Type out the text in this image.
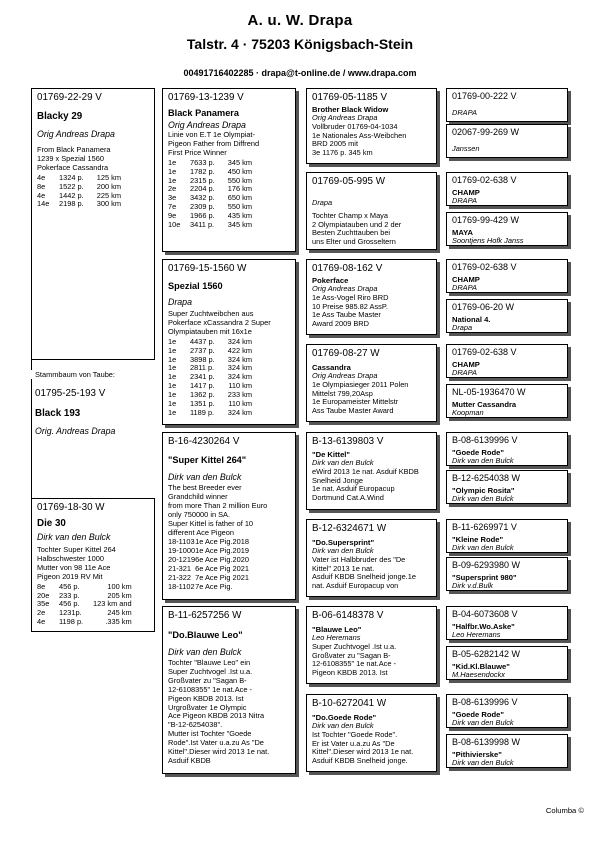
A. u. W. Drapa
Talstr. 4 · 75203 Königsbach-Stein
00491716402285 · drapa@t-online.de / www.drapa.com
01769-22-29 V
Blacky 29
Orig Andreas Drapa
From Black Panamera
1239 x Spezial 1560
Pokerface Cassandra
4e	1324 p.	125 km
8e	1522 p.	200 km
4e	1442 p.	225 km
14e	2198 p.	300 km
Stammbaum von Taube:
01795-25-193 V
Black 193
Orig. Andreas Drapa
01769-18-30 W
Die 30
Dirk van den Bulck
Tochter Super Kittel 264
Halbschwester 1000
Mutter von 98 11e Ace
Pigeon 2019 RV Mit
8e	456 p.	100 km
20e	233 p.	205 km
35e	456 p.	123 km and
2e	1231p.	245 km
4e	1198 p.	.335 km
01769-13-1239 V
Black Panamera
Orig Andreas Drapa
Linie von E.T 1e Olympiat-
Pigeon Father from Diffrend
First Price Winner
1e	7633 p.	345 km
1e	1782 p.	450 km
1e	2315 p.	550 km
2e	2204 p.	176 km
3e	3432 p.	650 km
7e	2309 p.	550 km
9e	1966 p.	435 km
10e	3411 p.	345 km
01769-15-1560 W
Spezial 1560
Drapa
Super Zuchtweibchen aus
Pokerface xCassandra 2 Super
Olympiatauben mit 16x1e
1e	4437 p.	324 km
1e	2737 p.	422 km
1e	3898 p.	324 km
1e	2811 p.	324 km
1e	2341 p.	324 km
1e	1417 p.	110 km
1e	1362 p.	233 km
1e	1351 p.	110 km
1e	1189 p.	324 km
B-16-4230264 V
"Super Kittel 264"
Dirk van den Bulck
The best Breeder ever
Grandchild winner
from more Than 2 million Euro
only 750000 in SA.
Super Kittel is father of 10
different Ace Pigeon
18-1103	1e Ace Pig.2018	
19-1000	1e Ace Pig.2019	
20-1219	6e Ace Pig.2020	
21-321	6e Ace Pig 2021	
21-322	7e Ace Pig 2021	
18-1102	7e Ace Pig.	
B-11-6257256 W
"Do.Blauwe Leo"
Dirk van den Bulck
Tochter "Blauwe Leo" ein
Super Zuchtvogel .Ist u.a.
Großvater zu "Sagan B-
12-6108355" 1e nat.Ace -
Pigeon KBDB 2013. Ist
Urgroßvater 1e Olympic
Ace Pigeon KBDB 2013 Nitra
"B-12-6254038".
Mutter ist Tochter "Goede
Rode".Ist Vater u.a.zu As "De
Kittel".Dieser wird 2013 1e nat.
Asduif KBDB
01769-05-1185 V
Brother Black Widow
Orig Andreas Drapa
Vollbruder 01769-04-1034
1e Nationales Ass-Weibchen
BRD 2005 mit
3e 1176 p. 345 km
01769-05-995 W
Drapa
Tochter Champ x Maya
2 Olympiatauben und 2 der
Besten Zuchttauben bei
uns Elter und Grosseltern
01769-08-162 V
Pokerface
Orig Andreas Drapa
1e Ass-Vogel Riro BRD
10 Preise 985.82 AssP.
1e Ass Taube Master
Award 2009 BRD
01769-08-27 W
Cassandra
Orig Andreas Drapa
1e Olympiasieger 2011 Polen
Mittelst 799,20Asp
1e Europameister Mittelstr
Ass Taube Master Award
B-13-6139803 V
"De Kittel"
Dirk van den Bulck
eWird 2013 1e nat. Asduif KBDB
Snelheid Jonge
1e nat. Asduif Europacup
Dortmund Cat.A.Wind
B-12-6324671 W
"Do.Supersprint"
Dirk van den Bulck
Vater ist Halbbruder des "De
Kittel" 2013 1e nat.
Asduif KBDB Snelheid jonge.1e
nat. Asduif Europacup von
B-06-6148378 V
"Blauwe Leo"
Leo Heremans
Super Zuchtvogel .Ist u.a.
Großvater zu "Sagan B-
12-6108355" 1e nat.Ace -
Pigeon KBDB 2013. Ist
B-10-6272041 W
"Do.Goede Rode"
Dirk van den Bulck
Ist Tochter "Goede Rode".
Er ist Vater u.a.zu As "De
Kittel".Dieser wird 2013 1e nat.
Asduif KBDB Snelheid jonge.
01769-00-222 V
DRAPA
02067-99-269 W
Janssen
01769-02-638 V
CHAMP
DRAPA
01769-99-429 W
MAYA
Soontjens Hofk Janss
01769-02-638 V
CHAMP
DRAPA
01769-06-20 W
National 4.
Drapa
01769-02-638 V
CHAMP
DRAPA
NL-05-1936470 W
Mutter Cassandra
Koopman
B-08-6139996 V
"Goede Rode"
Dirk van den Bulck
B-12-6254038 W
"Olympic Rosita"
Dirk van den Bulck
B-11-6269971 V
"Kleine Rode"
Dirk van den Bulck
B-09-6293980 W
"Supersprint 980"
Dirk v.d.Bulk
B-04-6073608 V
"Halfbr.Wo.Aske"
Leo Heremans
B-05-6282142 W
"Kid.Kl.Blauwe"
M.Haesendockx
B-08-6139996 V
"Goede Rode"
Dirk van den Bulck
B-08-6139998 W
"Pithivierske"
Dirk van den Bulck
Columba ©
